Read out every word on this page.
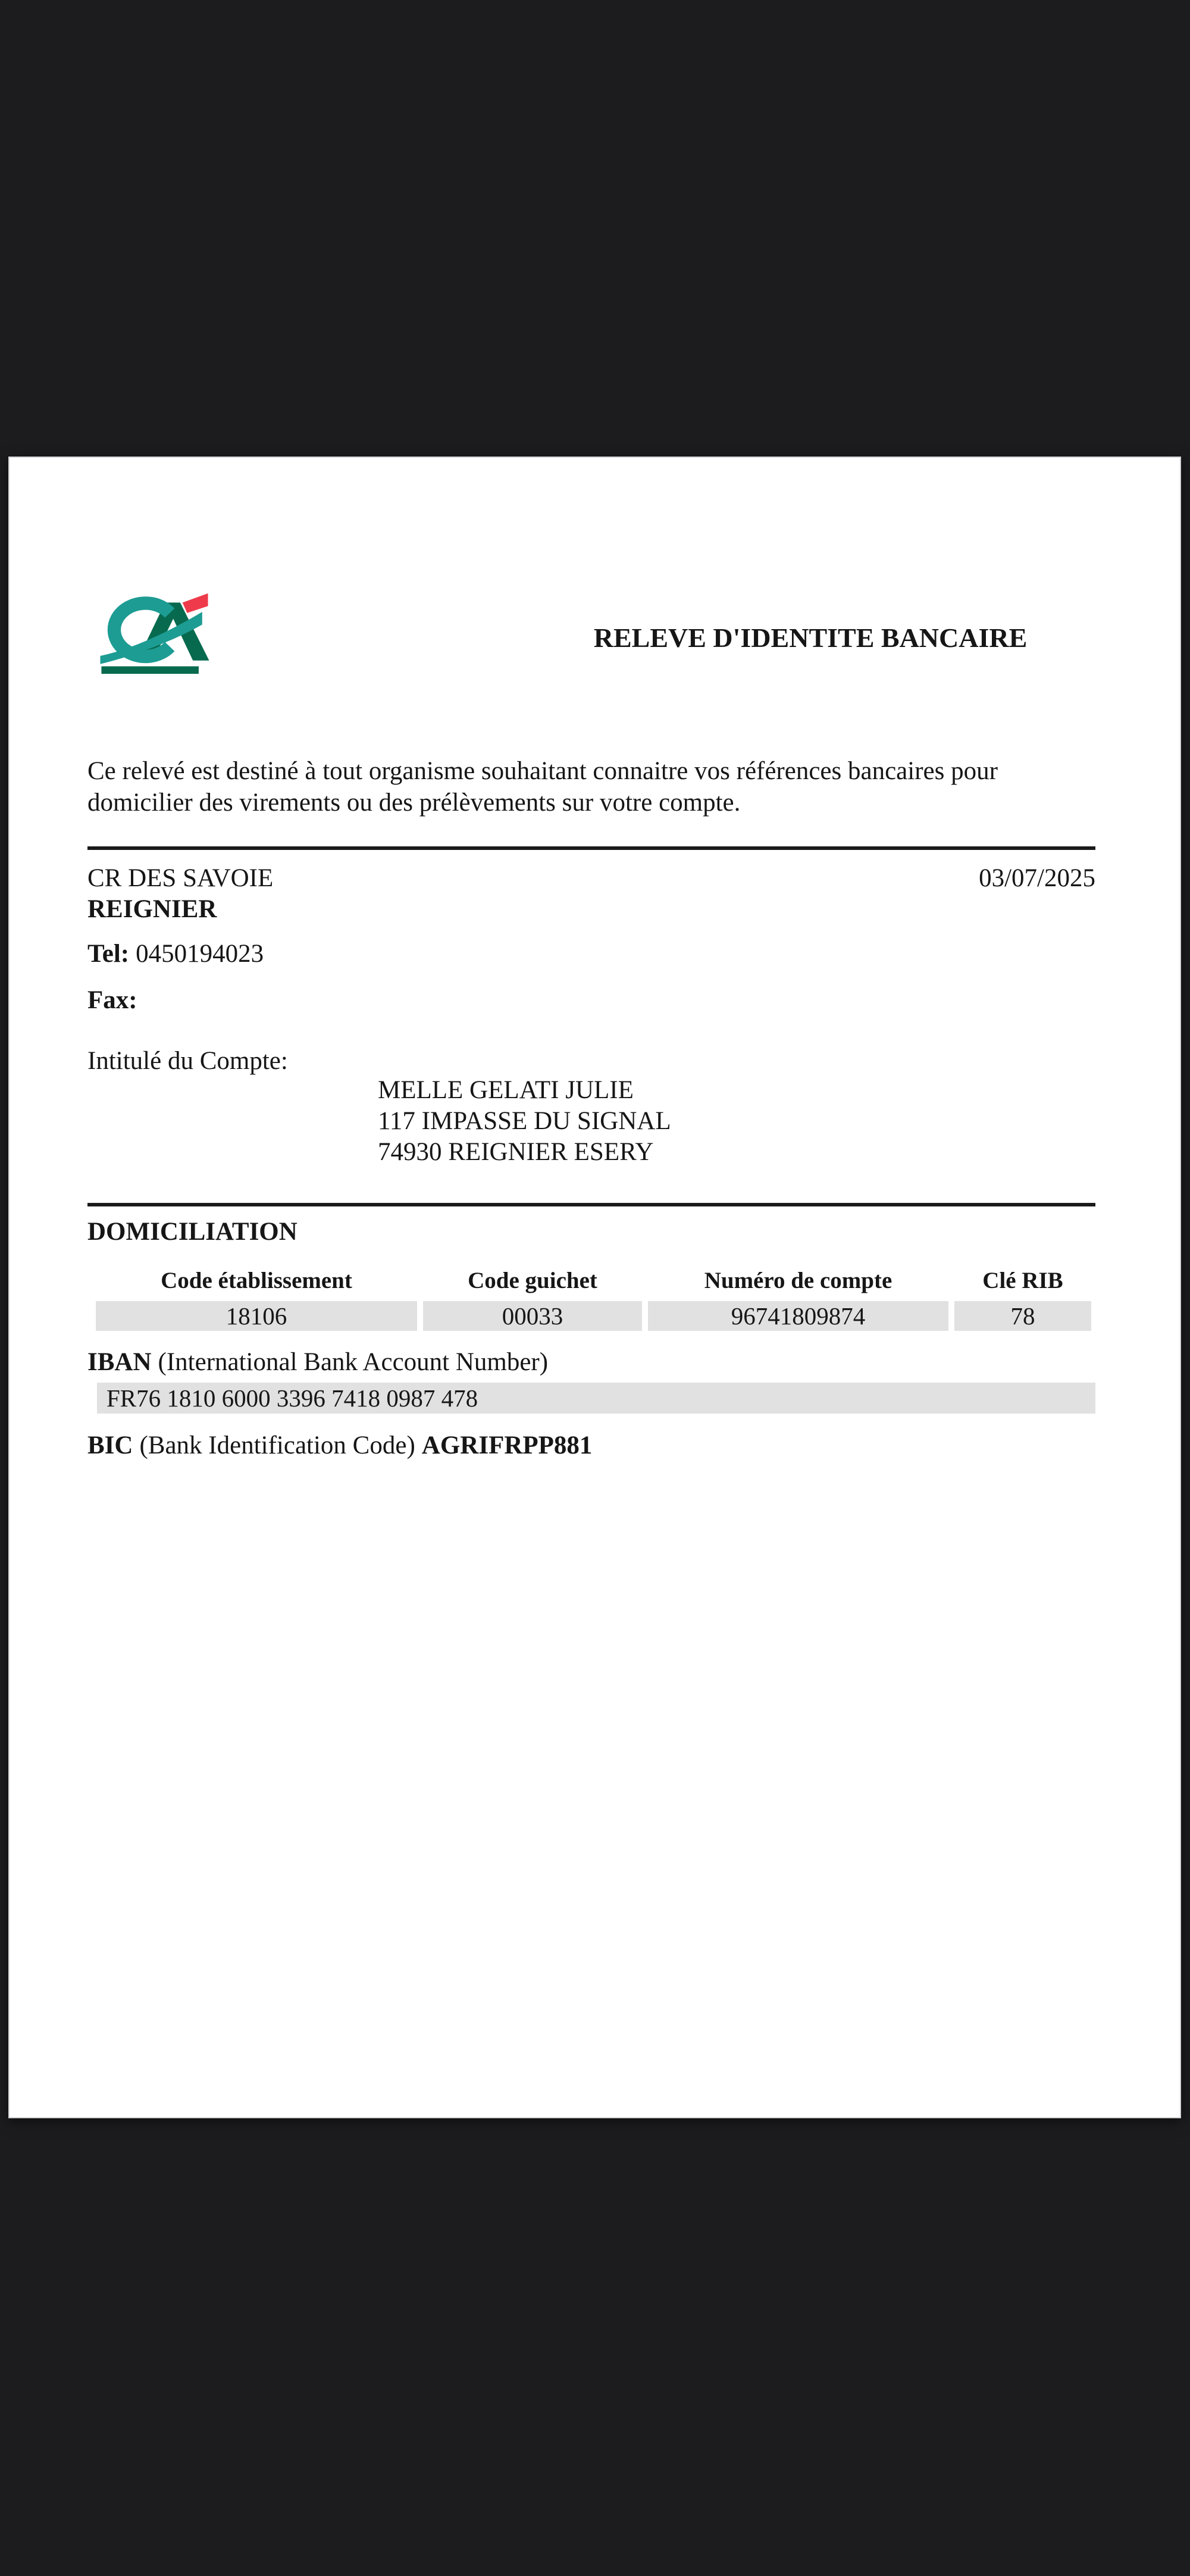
RELEVE D'IDENTITE BANCAIRE
Ce relevé est destiné à tout organisme souhaitant connaitre vos références bancaires pour
domicilier des virements ou des prélèvements sur votre compte.
CR DES SAVOIE	03/07/2025
REIGNIER
Tel: 0450194023
Fax:
Intitulé du Compte:
MELLE GELATI JULIE
117 IMPASSE DU SIGNAL
74930 REIGNIER ESERY
DOMICILIATION
Code établissement	Code guichet	Numéro de compte	Clé RIB
18106	00033	96741809874	78
IBAN (International Bank Account Number)
FR76 1810 6000 3396 7418 0987 478
BIC (Bank Identification Code) AGRIFRPP881
